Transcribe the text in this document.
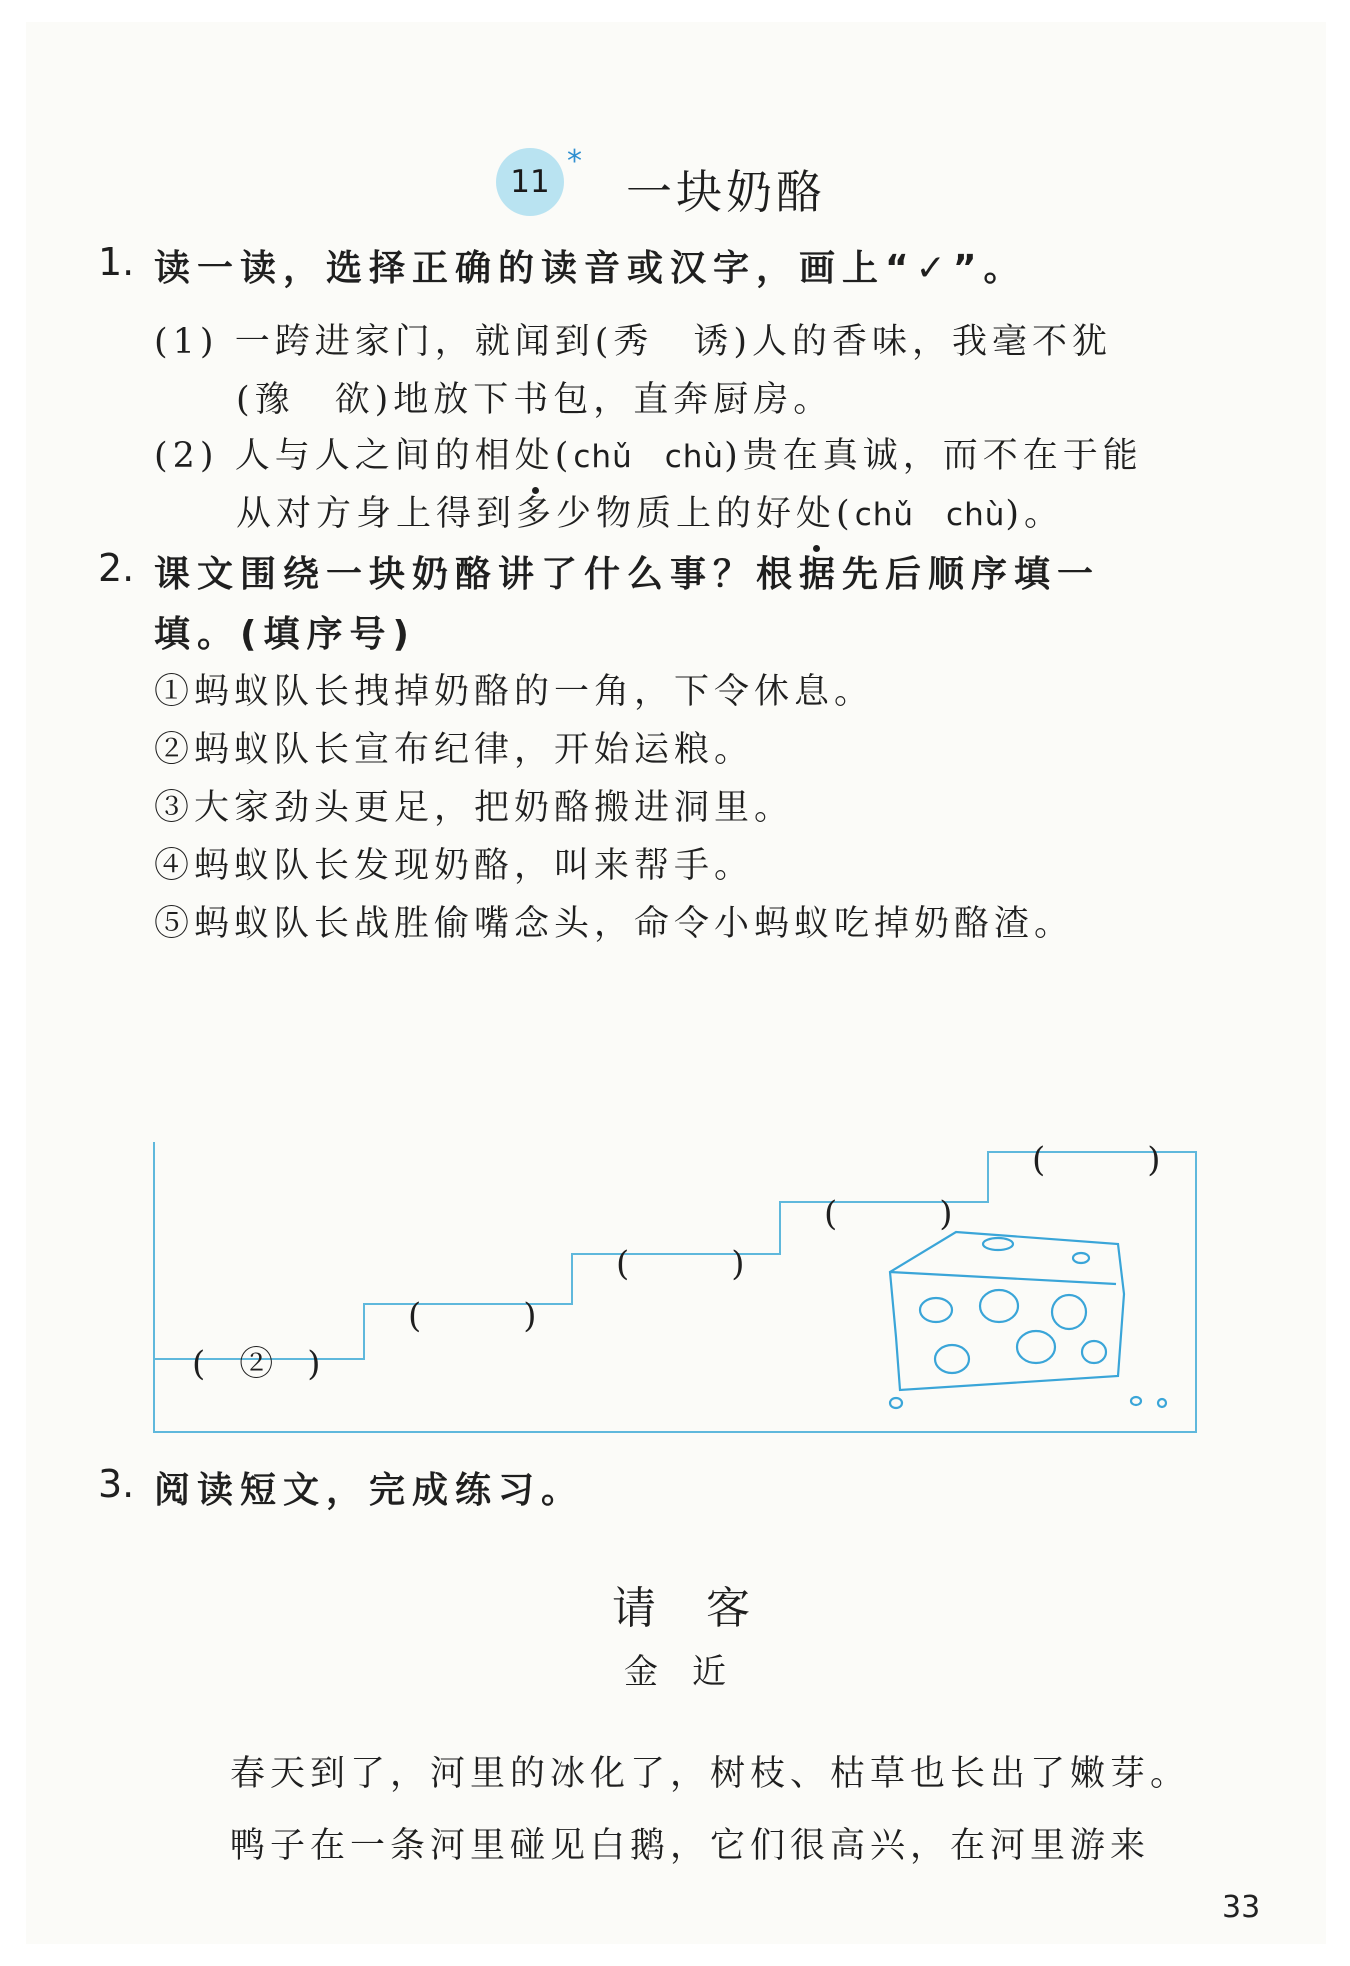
11
*
一块奶酪
1. 读一读，选择正确的读音或汉字，画上“✓”。
(1) 一跨进家门，就闻到(秀　诱)人的香味，我毫不犹
(豫　欲)地放下书包，直奔厨房。
(2) 人与人之间的相处(chǔ　chù)贵在真诚，而不在于能
从对方身上得到多少物质上的好处(chǔ　chù)。
2. 课文围绕一块奶酪讲了什么事？根据先后顺序填一
填。(填序号)
①蚂蚁队长拽掉奶酪的一角，下令休息。
②蚂蚁队长宣布纪律，开始运粮。
③大家劲头更足，把奶酪搬进洞里。
④蚂蚁队长发现奶酪，叫来帮手。
⑤蚂蚁队长战胜偷嘴念头，命令小蚂蚁吃掉奶酪渣。
(　②　)
(　　　)
(　　　)
(　　　)
(　　　)
3. 阅读短文，完成练习。
请　客
金　近
春天到了，河里的冰化了，树枝、枯草也长出了嫩芽。
鸭子在一条河里碰见白鹅，它们很高兴，在河里游来
33
